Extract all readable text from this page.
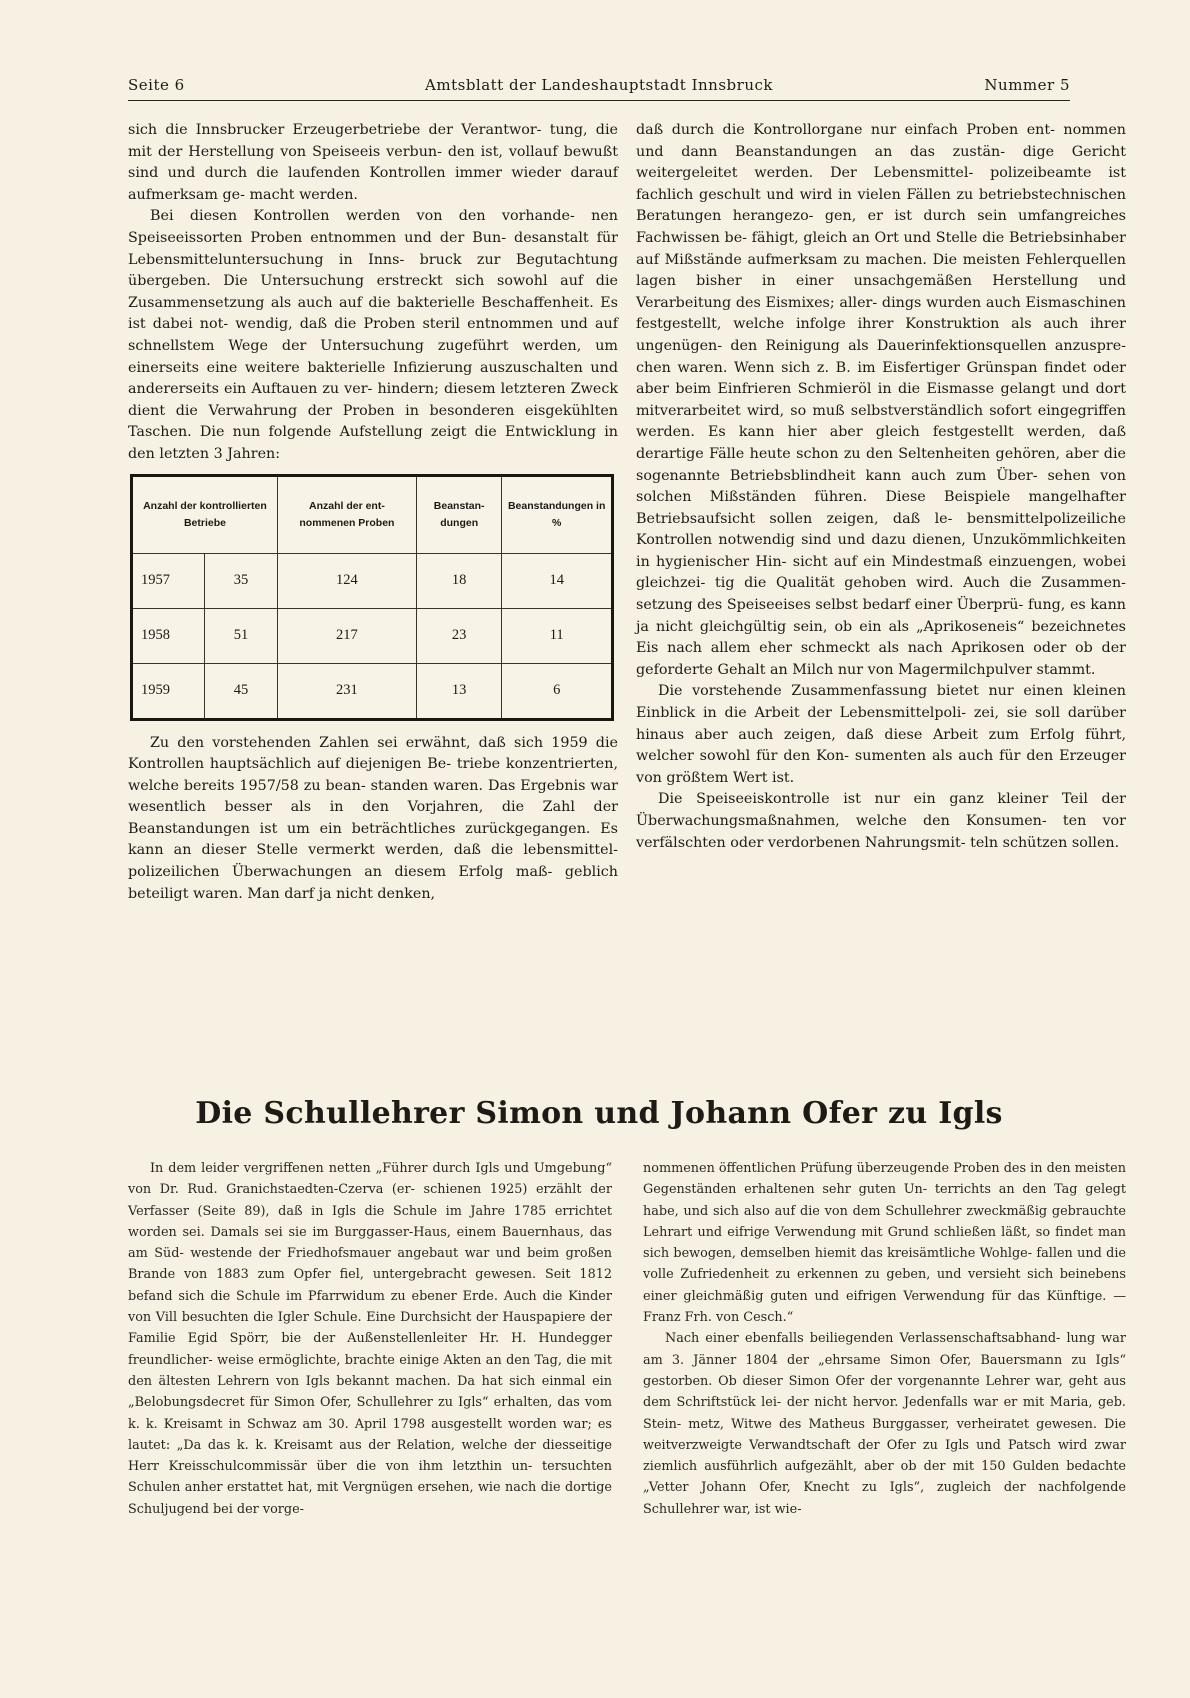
Seite 6	Amtsblatt der Landeshauptstadt Innsbruck	Nummer 5

sich die Innsbrucker Erzeugerbetriebe der Verantwor- tung, die mit der Herstellung von Speiseeis verbun- den ist, vollauf bewußt sind und durch die laufenden Kontrollen immer wieder darauf aufmerksam ge- macht werden.

Bei diesen Kontrollen werden von den vorhande- nen Speiseeissorten Proben entnommen und der Bun- desanstalt für Lebensmitteluntersuchung in Inns- bruck zur Begutachtung übergeben. Die Untersuchung erstreckt sich sowohl auf die Zusammensetzung als auch auf die bakterielle Beschaffenheit. Es ist dabei not- wendig, daß die Proben steril entnommen und auf schnellstem Wege der Untersuchung zugeführt werden, um einerseits eine weitere bakterielle Infizierung auszuschalten und andererseits ein Auftauen zu ver- hindern; diesem letzteren Zweck dient die Verwahrung der Proben in besonderen eisgekühlten Taschen. Die nun folgende Aufstellung zeigt die Entwicklung in den letzten 3 Jahren:

Anzahl der kontrollierten Betriebe		Anzahl der ent- nommenen Proben	Beanstan- dungen	Beanstandungen in %
1957	35	124	18	14
1958	51	217	23	11
1959	45	231	13	6

Zu den vorstehenden Zahlen sei erwähnt, daß sich 1959 die Kontrollen hauptsächlich auf diejenigen Be- triebe konzentrierten, welche bereits 1957/58 zu bean- standen waren. Das Ergebnis war wesentlich besser als in den Vorjahren, die Zahl der Beanstandungen ist um ein beträchtliches zurückgegangen. Es kann an dieser Stelle vermerkt werden, daß die lebensmittel- polizeilichen Überwachungen an diesem Erfolg maß- geblich beteiligt waren. Man darf ja nicht denken,

daß durch die Kontrollorgane nur einfach Proben ent- nommen und dann Beanstandungen an das zustän- dige Gericht weitergeleitet werden. Der Lebensmittel- polizeibeamte ist fachlich geschult und wird in vielen Fällen zu betriebstechnischen Beratungen herangezo- gen, er ist durch sein umfangreiches Fachwissen be- fähigt, gleich an Ort und Stelle die Betriebsinhaber auf Mißstände aufmerksam zu machen. Die meisten Fehlerquellen lagen bisher in einer unsachgemäßen Herstellung und Verarbeitung des Eismixes; aller- dings wurden auch Eismaschinen festgestellt, welche infolge ihrer Konstruktion als auch ihrer ungenügen- den Reinigung als Dauerinfektionsquellen anzuspre- chen waren. Wenn sich z. B. im Eisfertiger Grünspan findet oder aber beim Einfrieren Schmieröl in die Eismasse gelangt und dort mitverarbeitet wird, so muß selbstverständlich sofort eingegriffen werden. Es kann hier aber gleich festgestellt werden, daß derartige Fälle heute schon zu den Seltenheiten gehören, aber die sogenannte Betriebsblindheit kann auch zum Über- sehen von solchen Mißständen führen. Diese Beispiele mangelhafter Betriebsaufsicht sollen zeigen, daß le- bensmittelpolizeiliche Kontrollen notwendig sind und dazu dienen, Unzukömmlichkeiten in hygienischer Hin- sicht auf ein Mindestmaß einzuengen, wobei gleichzei- tig die Qualität gehoben wird. Auch die Zusammen- setzung des Speiseeises selbst bedarf einer Überprü- fung, es kann ja nicht gleichgültig sein, ob ein als „Aprikoseneis“ bezeichnetes Eis nach allem eher schmeckt als nach Aprikosen oder ob der geforderte Gehalt an Milch nur von Magermilchpulver stammt.

Die vorstehende Zusammenfassung bietet nur einen kleinen Einblick in die Arbeit der Lebensmittelpoli- zei, sie soll darüber hinaus aber auch zeigen, daß diese Arbeit zum Erfolg führt, welcher sowohl für den Kon- sumenten als auch für den Erzeuger von größtem Wert ist.

Die Speiseeiskontrolle ist nur ein ganz kleiner Teil der Überwachungsmaßnahmen, welche den Konsumen- ten vor verfälschten oder verdorbenen Nahrungsmit- teln schützen sollen.

Die Schullehrer Simon und Johann Ofer zu Igls

In dem leider vergriffenen netten „Führer durch Igls und Umgebung“ von Dr. Rud. Granichstaedten-Czerva (er- schienen 1925) erzählt der Verfasser (Seite 89), daß in Igls die Schule im Jahre 1785 errichtet worden sei. Damals sei sie im Burggasser-Haus, einem Bauernhaus, das am Süd- westende der Friedhofsmauer angebaut war und beim großen Brande von 1883 zum Opfer fiel, untergebracht gewesen. Seit 1812 befand sich die Schule im Pfarrwidum zu ebener Erde. Auch die Kinder von Vill besuchten die Igler Schule. Eine Durchsicht der Hauspapiere der Familie Egid Spörr, bie der Außenstellenleiter Hr. H. Hundegger freundlicher- weise ermöglichte, brachte einige Akten an den Tag, die mit den ältesten Lehrern von Igls bekannt machen. Da hat sich einmal ein „Belobungsdecret für Simon Ofer, Schullehrer zu Igls“ erhalten, das vom k. k. Kreisamt in Schwaz am 30. April 1798 ausgestellt worden war; es lautet: „Da das k. k. Kreisamt aus der Relation, welche der diesseitige Herr Kreisschulcommissär über die von ihm letzthin un- tersuchten Schulen anher erstattet hat, mit Vergnügen ersehen, wie nach die dortige Schuljugend bei der vorge-

nommenen öffentlichen Prüfung überzeugende Proben des in den meisten Gegenständen erhaltenen sehr guten Un- terrichts an den Tag gelegt habe, und sich also auf die von dem Schullehrer zweckmäßig gebrauchte Lehrart und eifrige Verwendung mit Grund schließen läßt, so findet man sich bewogen, demselben hiemit das kreisämtliche Wohlge- fallen und die volle Zufriedenheit zu erkennen zu geben, und versieht sich beinebens einer gleichmäßig guten und eifrigen Verwendung für das Künftige. — Franz Frh. von Cesch.“

Nach einer ebenfalls beiliegenden Verlassenschaftsabhand- lung war am 3. Jänner 1804 der „ehrsame Simon Ofer, Bauersmann zu Igls“ gestorben. Ob dieser Simon Ofer der vorgenannte Lehrer war, geht aus dem Schriftstück lei- der nicht hervor. Jedenfalls war er mit Maria, geb. Stein- metz, Witwe des Matheus Burggasser, verheiratet gewesen. Die weitverzweigte Verwandtschaft der Ofer zu Igls und Patsch wird zwar ziemlich ausführlich aufgezählt, aber ob der mit 150 Gulden bedachte „Vetter Johann Ofer, Knecht zu Igls“, zugleich der nachfolgende Schullehrer war, ist wie-
